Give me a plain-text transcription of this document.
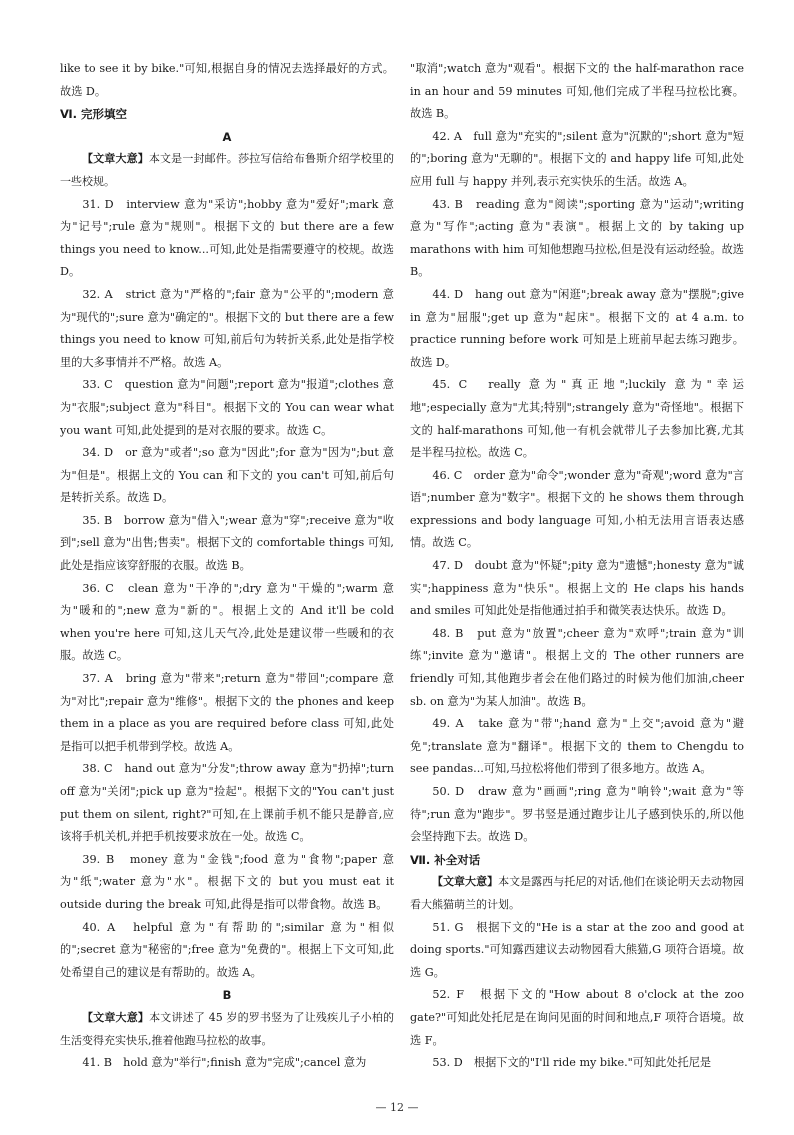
like to see it by bike."可知,根据自身的情况去选择最好的方式。故选 D。

Ⅵ. 完形填空

A

【文章大意】本文是一封邮件。莎拉写信给布鲁斯介绍学校里的一些校规。

31. D　interview 意为"采访";hobby 意为"爱好";mark 意为"记号";rule 意为"规则"。根据下文的 but there are a few things you need to know...可知,此处是指需要遵守的校规。故选 D。

32. A　strict 意为"严格的";fair 意为"公平的";modern 意为"现代的";sure 意为"确定的"。根据下文的 but there are a few things you need to know 可知,前后句为转折关系,此处是指学校里的大多事情并不严格。故选 A。

33. C　question 意为"问题";report 意为"报道";clothes 意为"衣服";subject 意为"科目"。根据下文的 You can wear what you want 可知,此处提到的是对衣服的要求。故选 C。

34. D　or 意为"或者";so 意为"因此";for 意为"因为";but 意为"但是"。根据上文的 You can 和下文的 you can't 可知,前后句是转折关系。故选 D。

35. B　borrow 意为"借入";wear 意为"穿";receive 意为"收到";sell 意为"出售;售卖"。根据下文的 comfortable things 可知,此处是指应该穿舒服的衣服。故选 B。

36. C　clean 意为"干净的";dry 意为"干燥的";warm 意为"暖和的";new 意为"新的"。根据上文的 And it'll be cold when you're here 可知,这儿天气冷,此处是建议带一些暖和的衣服。故选 C。

37. A　bring 意为"带来";return 意为"带回";compare 意为"对比";repair 意为"维修"。根据下文的 the phones and keep them in a place as you are required before class 可知,此处是指可以把手机带到学校。故选 A。

38. C　hand out 意为"分发";throw away 意为"扔掉";turn off 意为"关闭";pick up 意为"捡起"。根据下文的"You can't just put them on silent, right?"可知,在上课前手机不能只是静音,应该将手机关机,并把手机按要求放在一处。故选 C。

39. B　money 意为"金钱";food 意为"食物";paper 意为"纸";water 意为"水"。根据下文的 but you must eat it outside during the break 可知,此得是指可以带食物。故选 B。

40. A　helpful 意为"有帮助的";similar 意为"相似的";secret 意为"秘密的";free 意为"免费的"。根据上下文可知,此处希望自己的建议是有帮助的。故选 A。

B

【文章大意】本文讲述了 45 岁的罗书竖为了让残疾儿子小柏的生活变得充实快乐,推着他跑马拉松的故事。

41. B　hold 意为"举行";finish 意为"完成";cancel 意为

"取消";watch 意为"观看"。根据下文的 the half-marathon race in an hour and 59 minutes 可知,他们完成了半程马拉松比赛。故选 B。

42. A　full 意为"充实的";silent 意为"沉默的";short 意为"短的";boring 意为"无聊的"。根据下文的 and happy life 可知,此处应用 full 与 happy 并列,表示充实快乐的生活。故选 A。

43. B　reading 意为"阅读";sporting 意为"运动";writing 意为"写作";acting 意为"表演"。根据上文的 by taking up marathons with him 可知他想跑马拉松,但是没有运动经验。故选 B。

44. D　hang out 意为"闲逛";break away 意为"摆脱";give in 意为"屈服";get up 意为"起床"。根据下文的 at 4 a.m. to practice running before work 可知是上班前早起去练习跑步。故选 D。

45. C　really 意为"真正地";luckily 意为"幸运地";especially 意为"尤其;特别";strangely 意为"奇怪地"。根据下文的 half-marathons 可知,他一有机会就带儿子去参加比赛,尤其是半程马拉松。故选 C。

46. C　order 意为"命令";wonder 意为"奇观";word 意为"言语";number 意为"数字"。根据下文的 he shows them through expressions and body language 可知,小柏无法用言语表达感情。故选 C。

47. D　doubt 意为"怀疑";pity 意为"遗憾";honesty 意为"诚实";happiness 意为"快乐"。根据上文的 He claps his hands and smiles 可知此处是指他通过拍手和微笑表达快乐。故选 D。

48. B　put 意为"放置";cheer 意为"欢呼";train 意为"训练";invite 意为"邀请"。根据上文的 The other runners are friendly 可知,其他跑步者会在他们路过的时候为他们加油,cheer sb. on 意为"为某人加油"。故选 B。

49. A　take 意为"带";hand 意为"上交";avoid 意为"避免";translate 意为"翻译"。根据下文的 them to Chengdu to see pandas...可知,马拉松将他们带到了很多地方。故选 A。

50. D　draw 意为"画画";ring 意为"响铃";wait 意为"等待";run 意为"跑步"。罗书竖是通过跑步让儿子感到快乐的,所以他会坚持跑下去。故选 D。

Ⅶ. 补全对话

【文章大意】本文是露西与托尼的对话,他们在谈论明天去动物园看大熊猫萌兰的计划。

51. G　根据下文的"He is a star at the zoo and good at doing sports."可知露西建议去动物园看大熊猫,G 项符合语境。故选 G。

52. F　根据下文的"How about 8 o'clock at the zoo gate?"可知此处托尼是在询问见面的时间和地点,F 项符合语境。故选 F。

53. D　根据下文的"I'll ride my bike."可知此处托尼是

— 12 —
